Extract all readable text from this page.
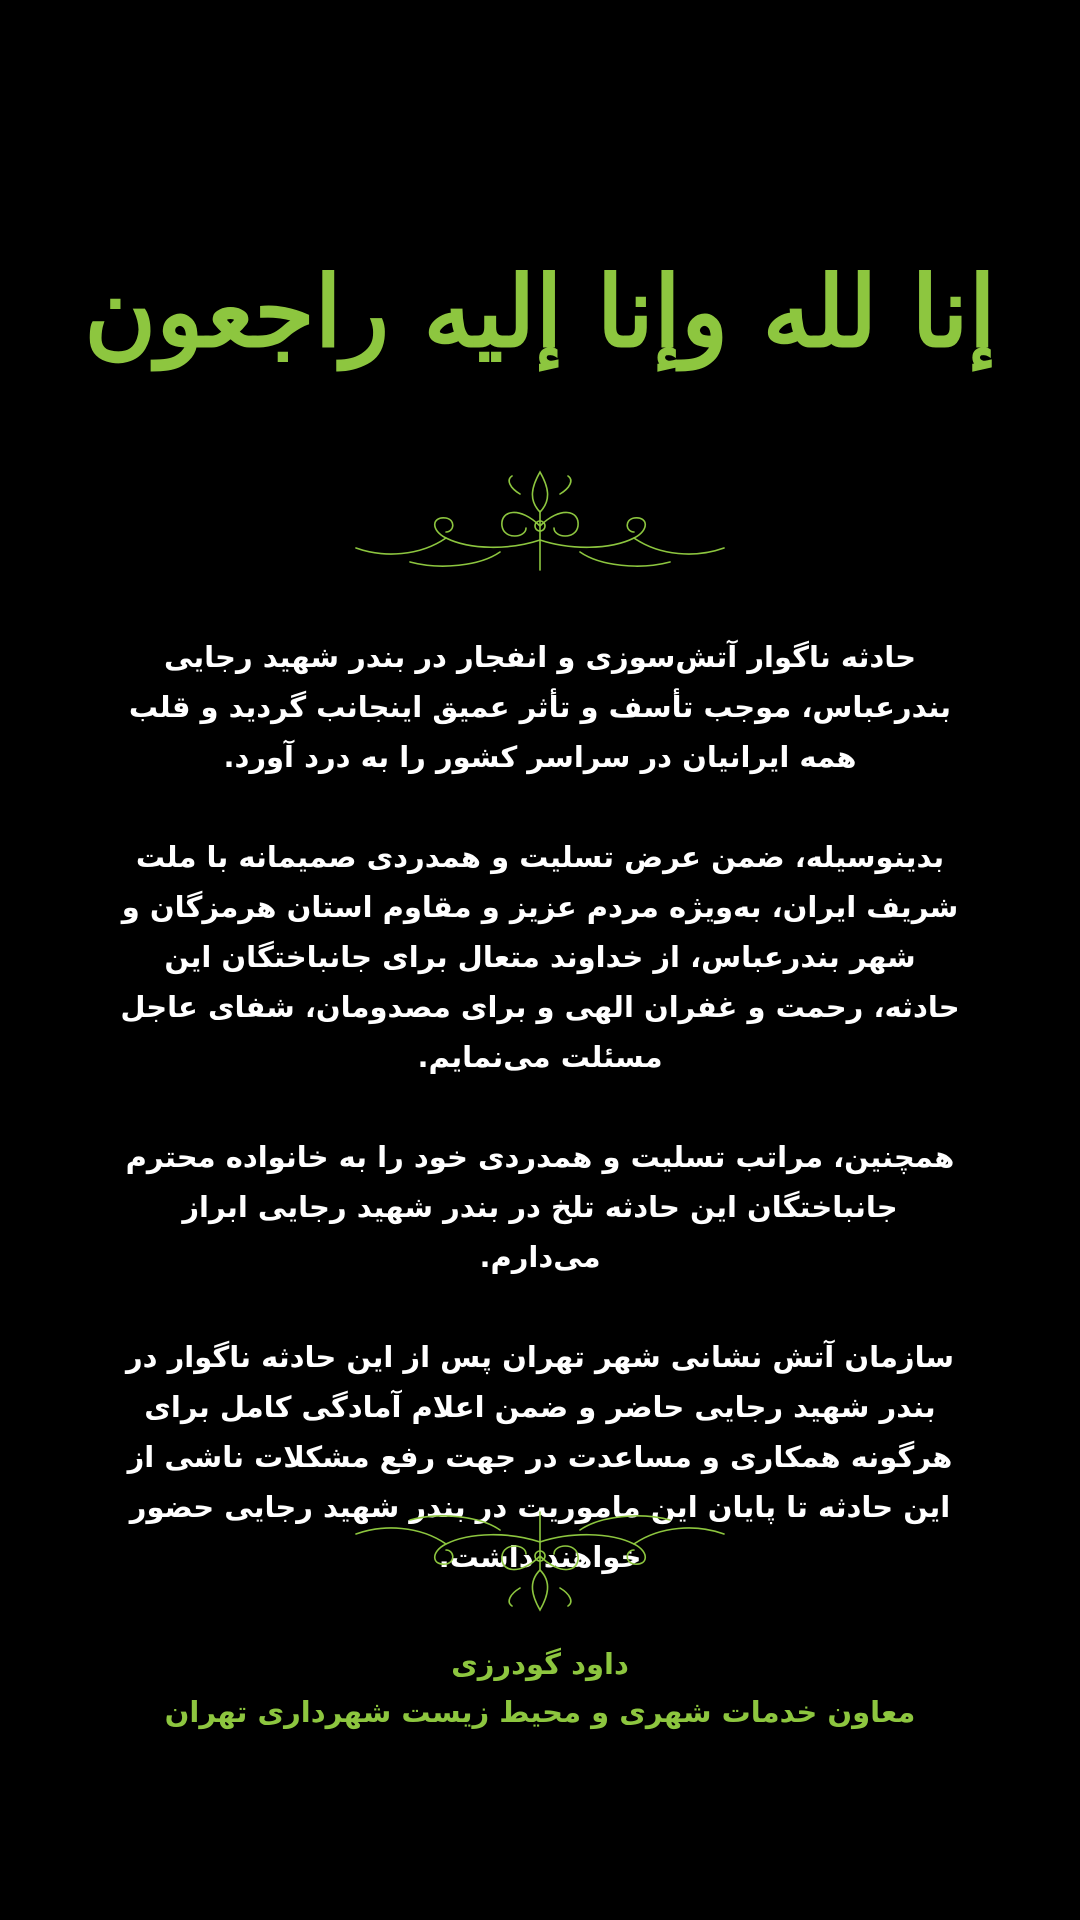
إنا لله وإنا إليه راجعون

حادثه ناگوار آتش‌سوزی و انفجار در بندر شهید رجایی بندرعباس، موجب تأسف و تأثر عمیق اینجانب گردید و قلب همه ایرانیان در سراسر کشور را به درد آورد.

بدینوسیله، ضمن عرض تسلیت و همدردی صمیمانه با ملت شریف ایران، به‌ویژه مردم عزیز و مقاوم استان هرمزگان و شهر بندرعباس، از خداوند متعال برای جانباختگان این حادثه، رحمت و غفران الهی و برای مصدومان، شفای عاجل مسئلت می‌نمایم.

همچنین، مراتب تسلیت و همدردی خود را به خانواده محترم جانباختگان این حادثه تلخ در بندر شهید رجایی ابراز می‌دارم.

سازمان آتش نشانی شهر تهران پس از این حادثه ناگوار در بندر شهید رجایی حاضر و ضمن اعلام آمادگی کامل برای هرگونه همکاری و مساعدت در جهت رفع مشکلات ناشی از این حادثه تا پایان این ماموریت در بندر شهید رجایی حضور خواهند داشت.

داود گودرزی
معاون خدمات شهری و محیط زیست شهرداری تهران
